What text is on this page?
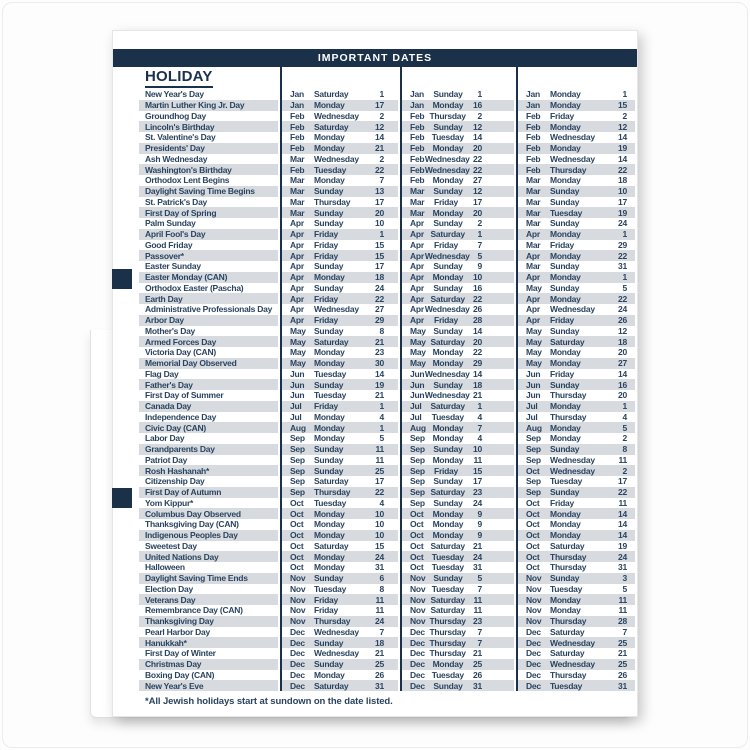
IMPORTANT DATES
HOLIDAY
New Year's Day	Jan	Saturday	1	Jan	Sunday	1	Jan	Monday	1
Martin Luther King Jr. Day	Jan	Monday	17	Jan	Monday	16	Jan	Monday	15
Groundhog Day	Feb	Wednesday	2	Feb Thursday	2	Feb	Friday	2
Lincoln's Birthday	Feb	Saturday	12	Feb	Sunday	12	Feb	Monday	12
St. Valentine's Day	Feb	Monday	14	Feb Tuesday	14	Feb	Wednesday	14
Presidents' Day	Feb	Monday	21	Feb Monday	20	Feb	Monday	19
Ash Wednesday	Mar	Wednesday	2	Feb Wednesday 22	Feb	Wednesday	14
Washington's Birthday	Feb	Tuesday	22	Feb Wednesday 22	Feb	Thursday	22
Orthodox Lent Begins	Mar	Monday	7	Feb Monday	27	Mar	Monday	18
Daylight Saving Time Begins	Mar	Sunday	13	Mar	Sunday	12	Mar	Sunday	10
St. Patrick's Day	Mar	Thursday	17	Mar	Friday	17	Mar	Sunday	17
First Day of Spring	Mar	Sunday	20	Mar Monday	20	Mar	Tuesday	19
Palm Sunday	Apr	Sunday	10	Apr	Sunday	2	Mar	Sunday	24
April Fool's Day	Apr	Friday	1	Apr Saturday	1	Apr	Monday	1
Good Friday	Apr	Friday	15	Apr	Friday	7	Mar	Friday	29
Passover*	Apr	Friday	15	Apr Wednesday 5	Apr	Monday	22
Easter Sunday	Apr	Sunday	17	Apr	Sunday	9	Mar	Sunday	31
Easter Monday (CAN)	Apr	Monday	18	Apr	Monday	10	Apr	Monday	1
Orthodox Easter (Pascha)	Apr	Sunday	24	Apr	Sunday	16	May Sunday	5
Earth Day	Apr	Friday	22	Apr Saturday 22	Apr	Monday	22
Administrative Professionals Day Apr	Wednesday	27	Apr Wednesday 26	Apr	Wednesday	24
Arbor Day	Apr	Friday	29	Apr	Friday	28	Apr	Friday	26
Mother's Day	May Sunday	8	May Sunday	14	May Sunday	12
Armed Forces Day	May Saturday	21	May Saturday 20	May Saturday	18
Victoria Day (CAN)	May Monday	23	May Monday	22	May Monday	20
Memorial Day Observed	May Monday	30	May Monday	29	May Monday	27
Flag Day	Jun	Tuesday	14	Jun Wednesday 14	Jun	Friday	14
Father's Day	Jun	Sunday	19	Jun	Sunday	18	Jun	Sunday	16
First Day of Summer	Jun	Tuesday	21	Jun Wednesday 21	Jun	Thursday	20
Canada Day	Jul	Friday	1	Jul	Saturday	1	Jul	Monday	1
Independence Day	Jul	Monday	4	Jul	Tuesday	4	Jul	Thursday	4
Civic Day (CAN)	Aug Monday	1	Aug Monday	7	Aug Monday	5
Labor Day	Sep	Monday	5	Sep Monday	4	Sep	Monday	2
Grandparents Day	Sep	Sunday	11	Sep	Sunday	10	Sep	Sunday	8
Patriot Day	Sep	Sunday	11	Sep Monday	11	Sep	Wednesday	11
Rosh Hashanah*	Sep	Sunday	25	Sep	Friday	15	Oct	Wednesday	2
Citizenship Day	Sep	Saturday	17	Sep	Sunday	17	Sep	Tuesday	17
First Day of Autumn	Sep	Thursday	22	Sep Saturday 23	Sep	Sunday	22
Yom Kippur*	Oct	Tuesday	4	Sep	Sunday	24	Oct	Friday	11
Columbus Day Observed	Oct	Monday	10	Oct	Monday	9	Oct	Monday	14
Thanksgiving Day (CAN)	Oct	Monday	10	Oct	Monday	9	Oct	Monday	14
Indigenous Peoples Day	Oct	Monday	10	Oct	Monday	9	Oct	Monday	14
Sweetest Day	Oct	Saturday	15	Oct Saturday 21	Oct	Saturday	19
United Nations Day	Oct	Monday	24	Oct Tuesday	24	Oct	Thursday	24
Halloween	Oct	Monday	31	Oct Tuesday	31	Oct	Thursday	31
Daylight Saving Time Ends	Nov	Sunday	6	Nov Sunday	5	Nov	Sunday	3
Election Day	Nov	Tuesday	8	Nov Tuesday	7	Nov	Tuesday	5
Veterans Day	Nov	Friday	11	Nov Saturday	11	Nov	Monday	11
Remembrance Day (CAN)	Nov	Friday	11	Nov Saturday	11	Nov	Monday	11
Thanksgiving Day	Nov	Thursday	24	Nov Thursday 23	Nov	Thursday	28
Pearl Harbor Day	Dec	Wednesday	7	Dec Thursday	7	Dec	Saturday	7
Hanukkah*	Dec	Sunday	18	Dec Thursday	7	Dec	Wednesday	25
First Day of Winter	Dec	Wednesday	21	Dec Thursday 21	Dec	Saturday	21
Christmas Day	Dec	Sunday	25	Dec Monday	25	Dec	Wednesday	25
Boxing Day (CAN)	Dec	Monday	26	Dec Tuesday	26	Dec	Thursday	26
New Year's Eve	Dec	Saturday	31	Dec	Sunday	31	Dec	Tuesday	31
*All Jewish holidays start at sundown on the date listed.
